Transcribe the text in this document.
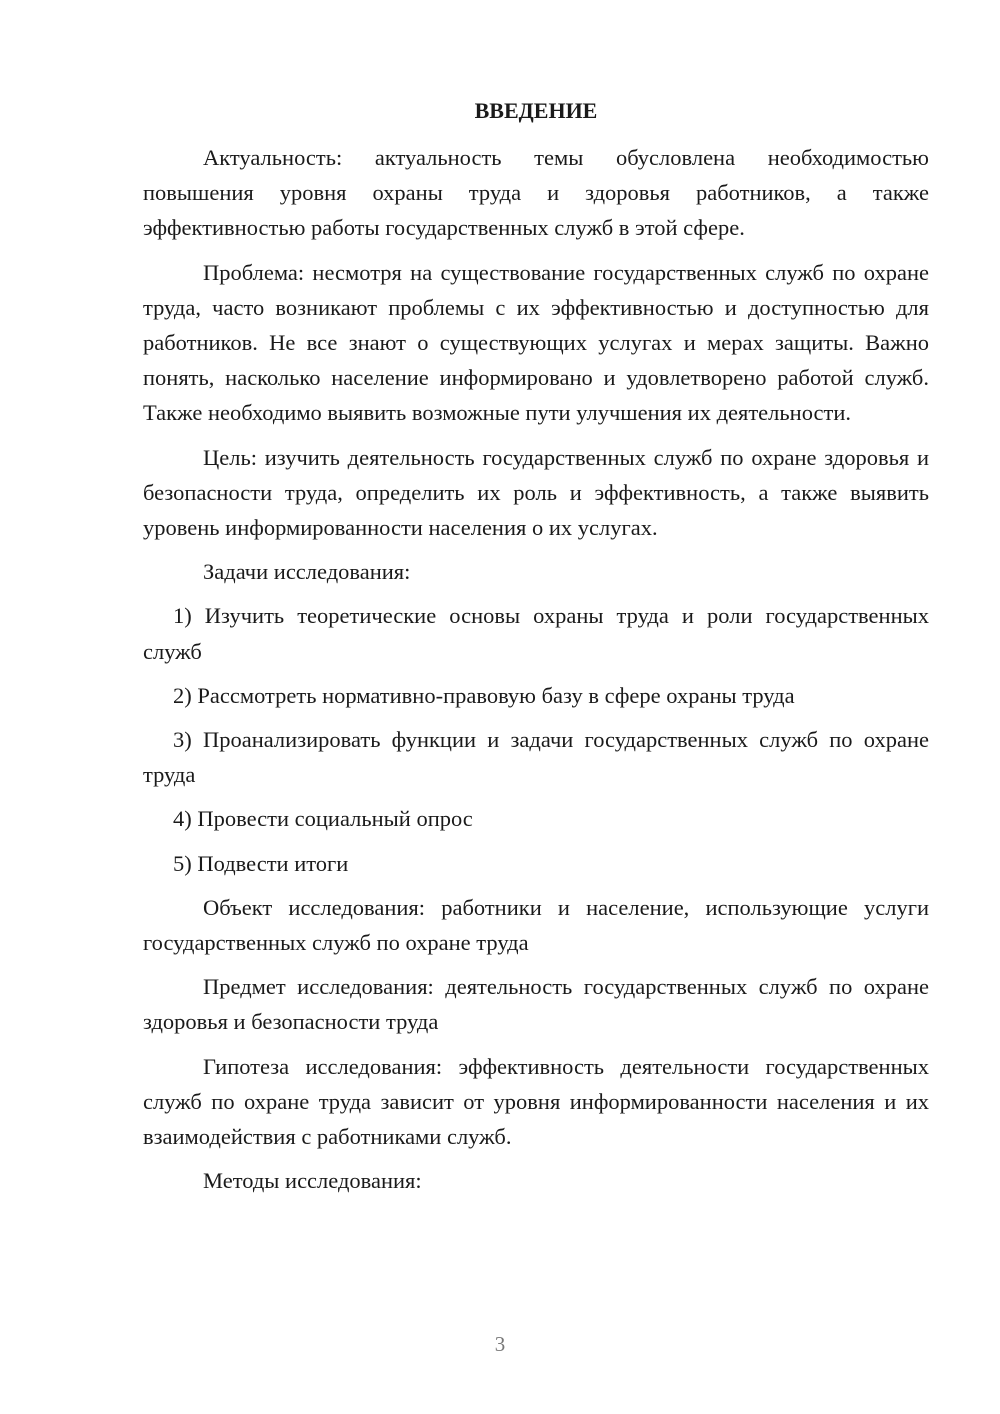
ВВЕДЕНИЕ

Актуальность: актуальность темы обусловлена необходимостью повышения уровня охраны труда и здоровья работников, а также эффективностью работы государственных служб в этой сфере.

Проблема: несмотря на существование государственных служб по охране труда, часто возникают проблемы с их эффективностью и доступностью для работников. Не все знают о существующих услугах и мерах защиты. Важно понять, насколько население информировано и удовлетворено работой служб. Также необходимо выявить возможные пути улучшения их деятельности.

Цель: изучить деятельность государственных служб по охране здоровья и безопасности труда, определить их роль и эффективность, а также выявить уровень информированности населения о их услугах.

Задачи исследования:

1) Изучить теоретические основы охраны труда и роли государственных служб

2) Рассмотреть нормативно-правовую базу в сфере охраны труда

3) Проанализировать функции и задачи государственных служб по охране труда

4) Провести социальный опрос

5) Подвести итоги

Объект исследования: работники и население, использующие услуги государственных служб по охране труда

Предмет исследования: деятельность государственных служб по охране здоровья и безопасности труда

Гипотеза исследования: эффективность деятельности государственных служб по охране труда зависит от уровня информированности населения и их взаимодействия с работниками служб.

Методы исследования:

3
